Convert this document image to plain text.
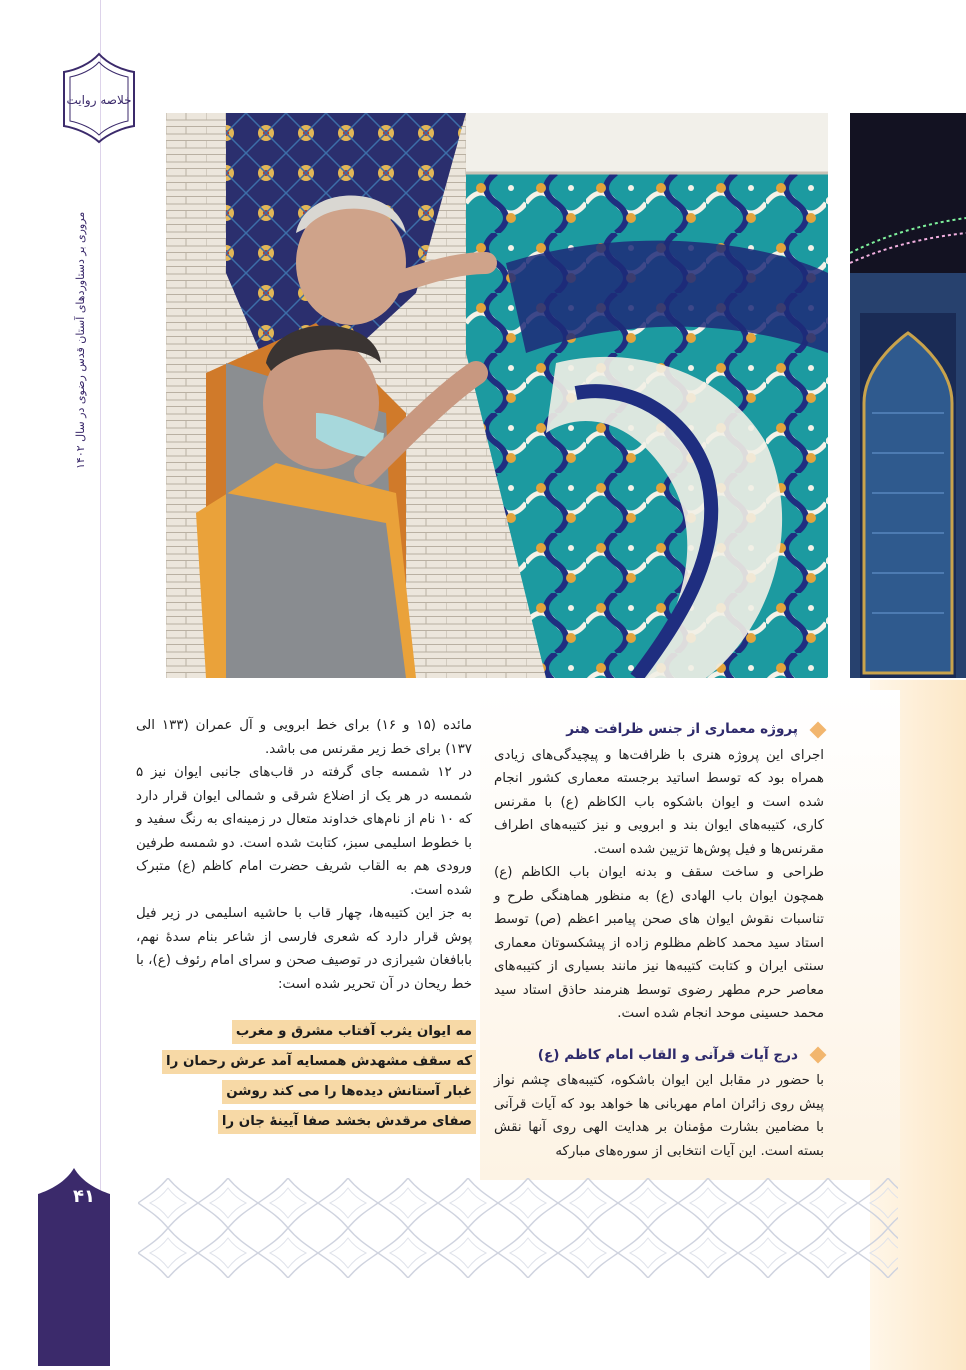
خلاصه روایت
مروری بر دستاوردهای آستان قدس رضوی در سال ۱۴۰۲
پروژه معماری از جنس ظرافت هنر

اجرای این پروژه هنری با ظرافت‌ها و پیچیدگی‌های زیادی همراه بود که توسط اساتید برجسته معماری کشور انجام شده است و ایوان باشکوه باب الکاظم (ع) با مقرنس کاری، کتیبه‌های ایوان بند و ابرویی و نیز کتیبه‌های اطراف مقرنس‌ها و فیل پوش‌ها تزیین شده است.

طراحی و ساخت سقف و بدنه ایوان باب الکاظم (ع) همچون ایوان باب الهادی (ع) به منظور هماهنگی طرح و تناسبات نقوش ایوان های صحن پیامبر اعظم (ص) توسط استاد سید محمد کاظم مظلوم زاده از پیشکسوتان معماری سنتی ایران و کتابت کتیبه‌ها نیز مانند بسیاری از کتیبه‌های معاصر حرم مطهر رضوی توسط هنرمند حاذق استاد سید محمد حسینی موحد انجام شده است.

درج آیات قرآنی و القاب امام کاظم (ع)

با حضور در مقابل این ایوان باشکوه، کتیبه‌های چشم نواز پیش روی زائران امام مهربانی ها خواهد بود که آیات قرآنی با مضامین بشارت مؤمنان بر هدایت الهی روی آنها نقش بسته است. این آیات انتخابی از سوره‌های مبارکه

مائده (۱۵ و ۱۶) برای خط ابرویی و آل عمران (۱۳۳ الی ۱۳۷) برای خط زیر مقرنس می باشد.

در ۱۲ شمسه جای گرفته در قاب‌های جانبی ایوان نیز ۵ شمسه در هر یک از اضلاع شرقی و شمالی ایوان قرار دارد که ۱۰ نام از نام‌های خداوند متعال در زمینه‌ای به رنگ سفید و با خطوط اسلیمی سبز، کتابت شده است. دو شمسه طرفین ورودی هم به القاب شریف حضرت امام کاظم (ع) متبرک شده است.

به جز این کتیبه‌ها، چهار قاب با حاشیه اسلیمی در زیر فیل پوش قرار دارد که شعری فارسی از شاعر بنام سدهٔ نهم، بابافغان شیرازی در توصیف صحن و سرای امام رئوف (ع)، با خط ریحان در آن تحریر شده است:

مه ایوان یثرب آفتاب مشرق و مغرب
که سقف مشهدش همسایه آمد عرش رحمان را
غبار آستانش دیده‌ها را می کند روشن
صفای مرقدش بخشد صفا آیینهٔ جان را
۴۱
